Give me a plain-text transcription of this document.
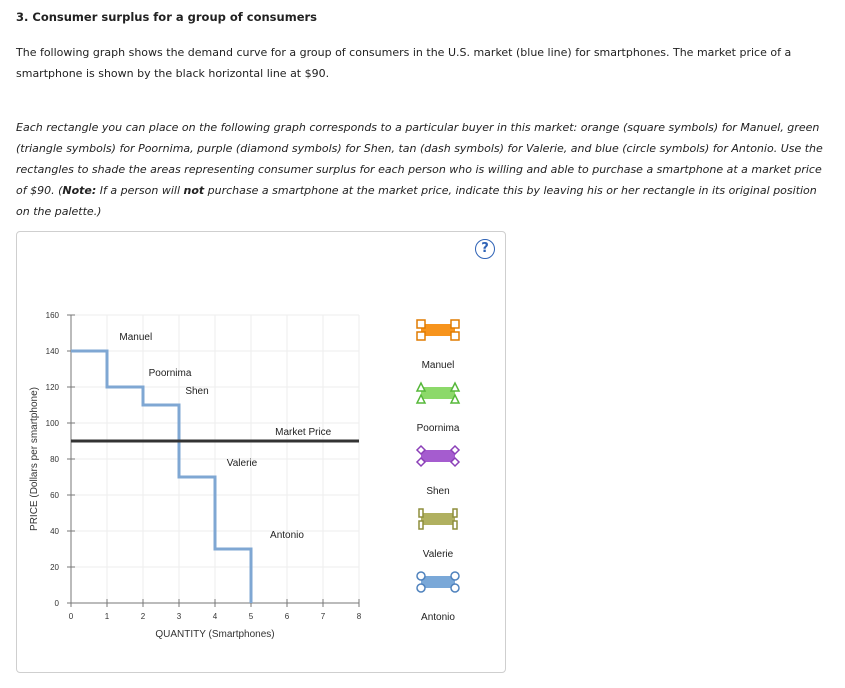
3. Consumer surplus for a group of consumers

The following graph shows the demand curve for a group of consumers in the U.S. market (blue line) for smartphones. The market price of a smartphone is shown by the black horizontal line at $90.

Each rectangle you can place on the following graph corresponds to a particular buyer in this market: orange (square symbols) for Manuel, green (triangle symbols) for Poornima, purple (diamond symbols) for Shen, tan (dash symbols) for Valerie, and blue (circle symbols) for Antonio. Use the rectangles to shade the areas representing consumer surplus for each person who is willing and able to purchase a smartphone at a market price of $90. (Note: If a person will not purchase a smartphone at the market price, indicate this by leaving his or her rectangle in its original position on the palette.)

?
0
20
40
60
80
100
120
140
160
0	1	2	3	4	5	6	7	8
QUANTITY (Smartphones)
PRICE (Dollars per smartphone)	Market Price
Manuel
Poornima
Shen
Valerie
Antonio
Manuel
Poornima
Shen
Valerie
Antonio
